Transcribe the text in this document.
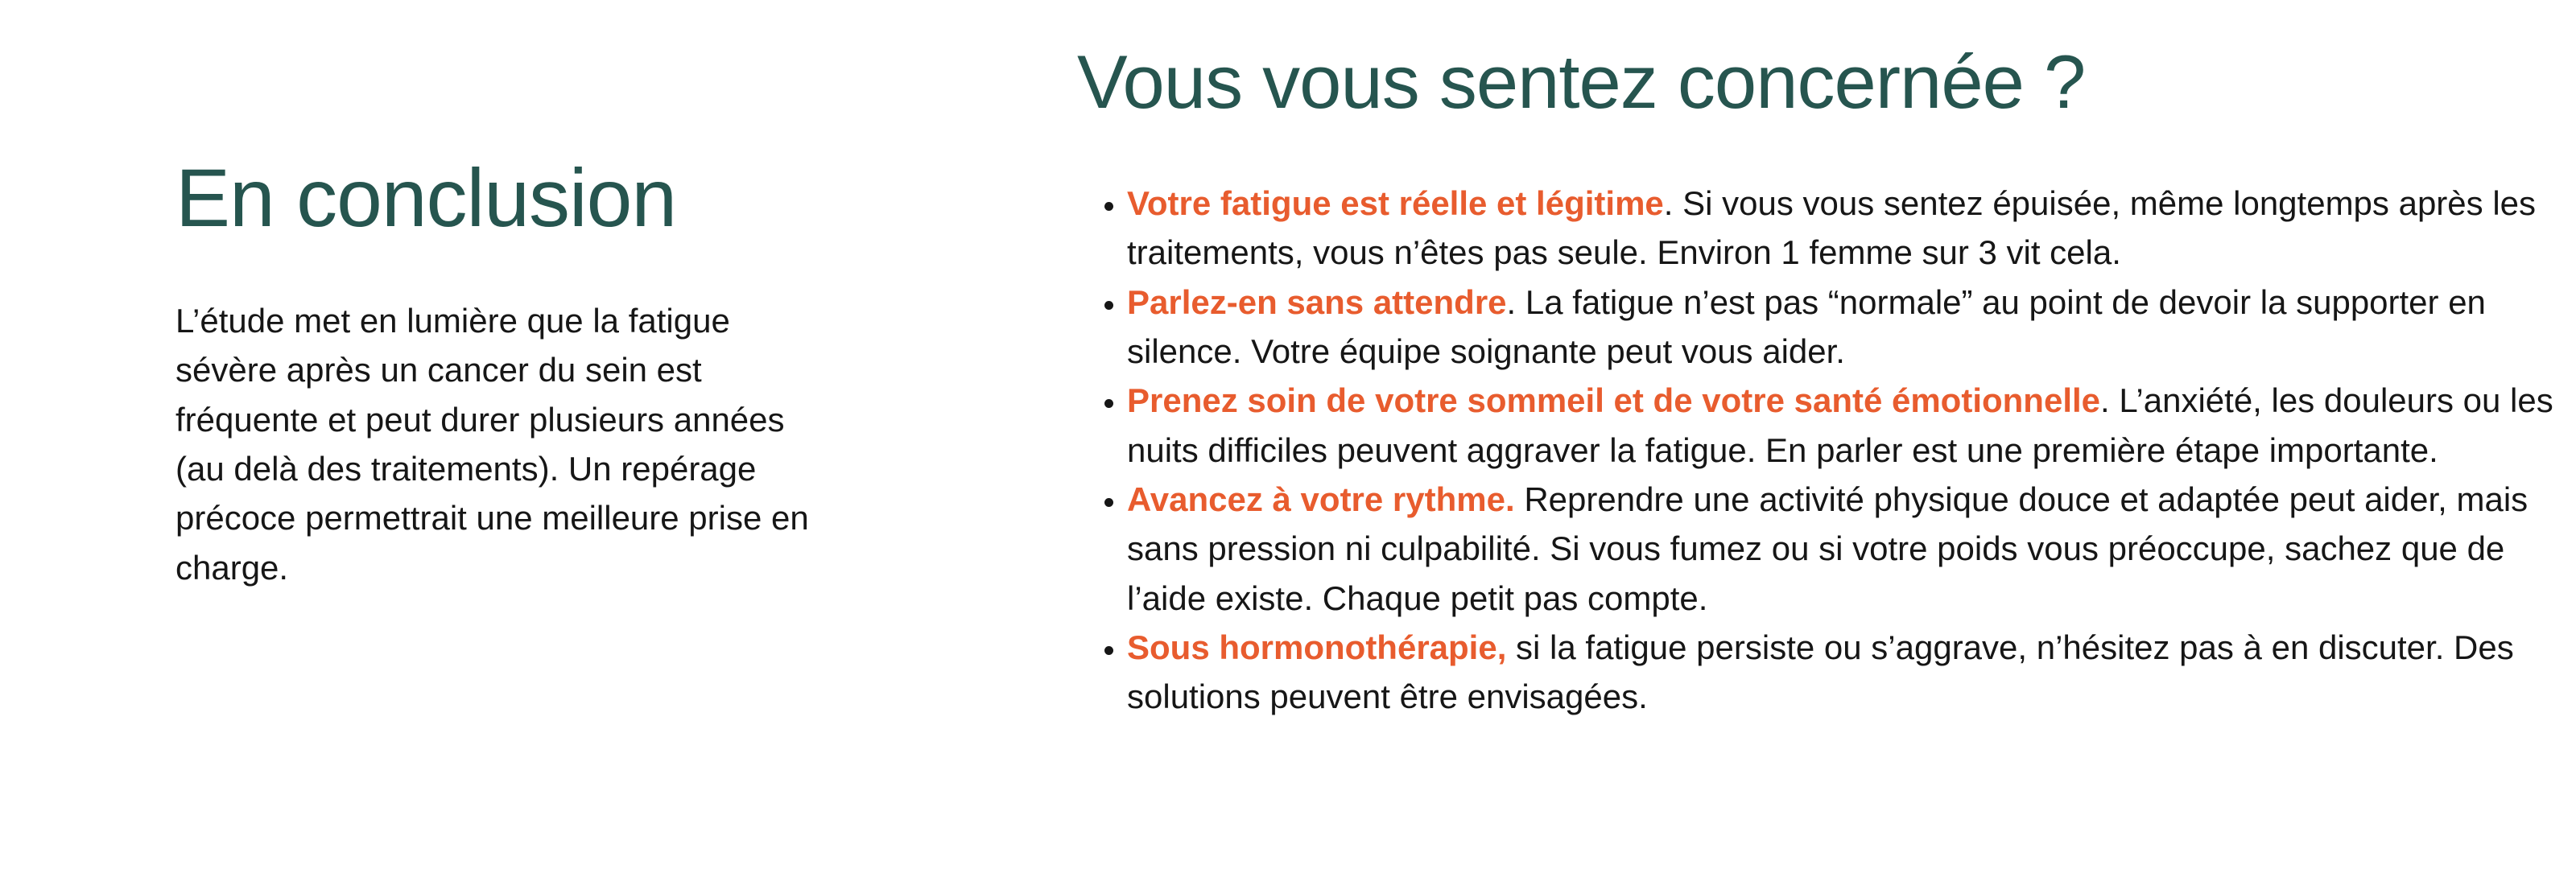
En conclusion

L’étude met en lumière que la fatigue sévère après un cancer du sein est fréquente et peut durer plusieurs années (au delà des traitements). Un repérage précoce permettrait une meilleure prise en charge.

Vous vous sentez concernée ?
• Votre fatigue est réelle et légitime. Si vous vous sentez épuisée, même longtemps après les traitements, vous n’êtes pas seule. Environ 1 femme sur 3 vit cela.
• Parlez-en sans attendre. La fatigue n’est pas “normale” au point de devoir la supporter en silence. Votre équipe soignante peut vous aider.
• Prenez soin de votre sommeil et de votre santé émotionnelle. L’anxiété, les douleurs ou les nuits difficiles peuvent aggraver la fatigue. En parler est une première étape importante.
• Avancez à votre rythme. Reprendre une activité physique douce et adaptée peut aider, mais sans pression ni culpabilité. Si vous fumez ou si votre poids vous préoccupe, sachez que de l’aide existe. Chaque petit pas compte.
• Sous hormonothérapie, si la fatigue persiste ou s’aggrave, n’hésitez pas à en discuter. Des solutions peuvent être envisagées.
